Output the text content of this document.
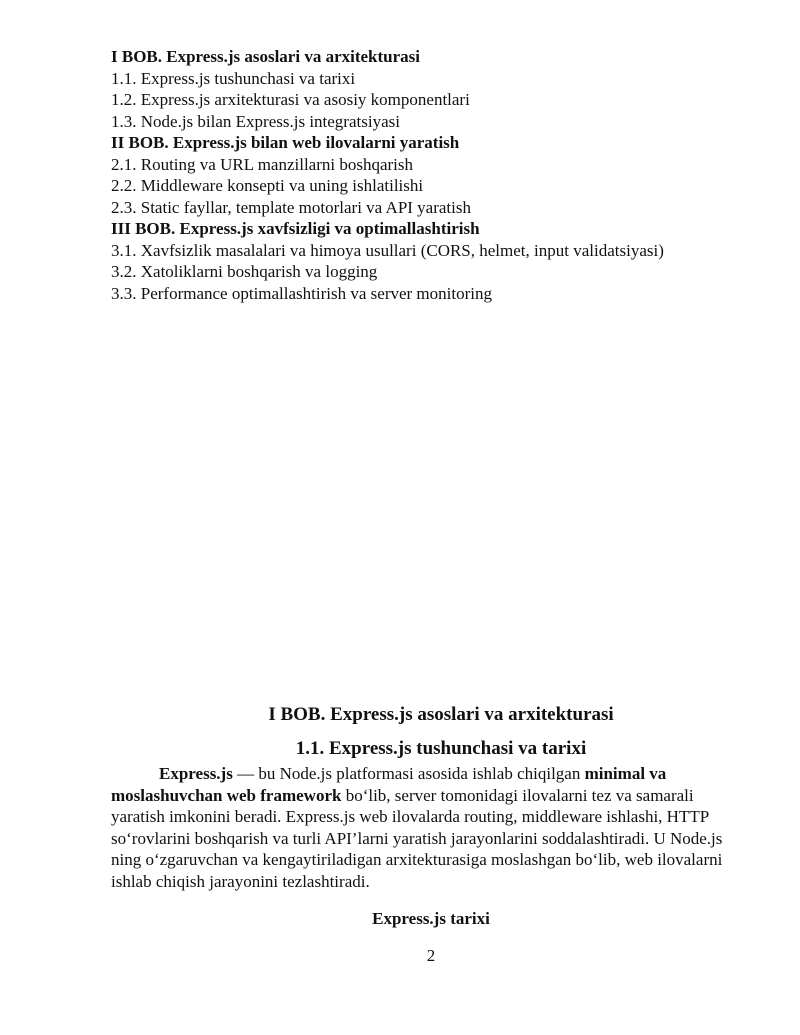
I BOB. Express.js asoslari va arxitekturasi
1.1. Express.js tushunchasi va tarixi
1.2. Express.js arxitekturasi va asosiy komponentlari
1.3. Node.js bilan Express.js integratsiyasi
II BOB. Express.js bilan web ilovalarni yaratish
2.1. Routing va URL manzillarni boshqarish
2.2. Middleware konsepti va uning ishlatilishi
2.3. Static fayllar, template motorlari va API yaratish
III BOB. Express.js xavfsizligi va optimallashtirish
3.1. Xavfsizlik masalalari va himoya usullari (CORS, helmet, input validatsiyasi)
3.2. Xatoliklarni boshqarish va logging
3.3. Performance optimallashtirish va server monitoring
I BOB. Express.js asoslari va arxitekturasi
1.1. Express.js tushunchasi va tarixi

Express.js — bu Node.js platformasi asosida ishlab chiqilgan minimal va moslashuvchan web framework bo‘lib, server tomonidagi ilovalarni tez va samarali yaratish imkonini beradi. Express.js web ilovalarda routing, middleware ishlashi, HTTP so‘rovlarini boshqarish va turli API’larni yaratish jarayonlarini soddalashtiradi. U Node.js ning o‘zgaruvchan va kengaytiriladigan arxitekturasiga moslashgan bo‘lib, web ilovalarni ishlab chiqish jarayonini tezlashtiradi.

Express.js tarixi
2
